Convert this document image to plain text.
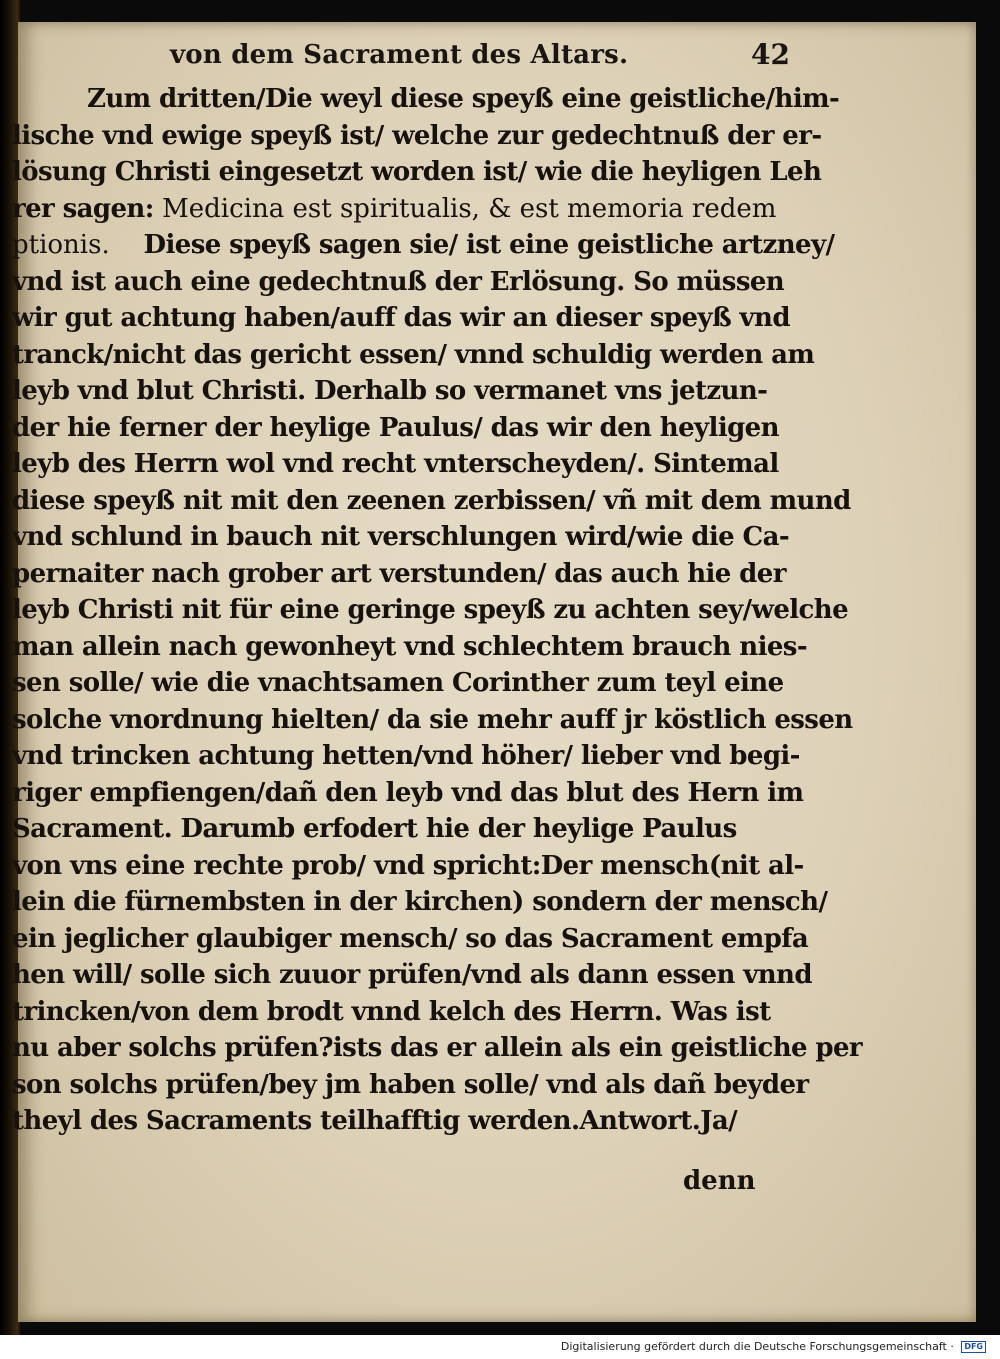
von dem Sacrament des Altars.	42
Zum dritten/Die weyl diese speyß eine geistliche/him-
lische vnd ewige speyß ist/ welche zur gedechtnuß der er-
lösung Christi eingesetzt worden ist/ wie die heyligen Leh
rer sagen: Medicina est spiritualis, & est memoria redem
ptionis. Diese speyß sagen sie/ ist eine geistliche artzney/
vnd ist auch eine gedechtnuß der Erlösung. So müssen
wir gut achtung haben/auff das wir an dieser speyß vnd
tranck/nicht das gericht essen/ vnnd schuldig werden am
leyb vnd blut Christi. Derhalb so vermanet vns jetzun-
der hie ferner der heylige Paulus/ das wir den heyligen
leyb des Herrn wol vnd recht vnterscheyden/. Sintemal
diese speyß nit mit den zeenen zerbissen/ vñ mit dem mund
vnd schlund in bauch nit verschlungen wird/wie die Ca-
pernaiter nach grober art verstunden/ das auch hie der
leyb Christi nit für eine geringe speyß zu achten sey/welche
man allein nach gewonheyt vnd schlechtem brauch nies-
sen solle/ wie die vnachtsamen Corinther zum teyl eine
solche vnordnung hielten/ da sie mehr auff jr köstlich essen
vnd trincken achtung hetten/vnd höher/ lieber vnd begi-
riger empfiengen/dañ den leyb vnd das blut des Hern im
Sacrament. Darumb erfodert hie der heylige Paulus
von vns eine rechte prob/ vnd spricht:Der mensch(nit al-
lein die fürnembsten in der kirchen) sondern der mensch/
ein jeglicher glaubiger mensch/ so das Sacrament empfa
hen will/ solle sich zuuor prüfen/vnd als dann essen vnnd
trincken/von dem brodt vnnd kelch des Herrn. Was ist
nu aber solchs prüfen?ists das er allein als ein geistliche per
son solchs prüfen/bey jm haben solle/ vnd als dañ beyder
theyl des Sacraments teilhafftig werden.Antwort.Ja/
denn
Digitalisierung gefördert durch die Deutsche Forschungsgemeinschaft · DFG
